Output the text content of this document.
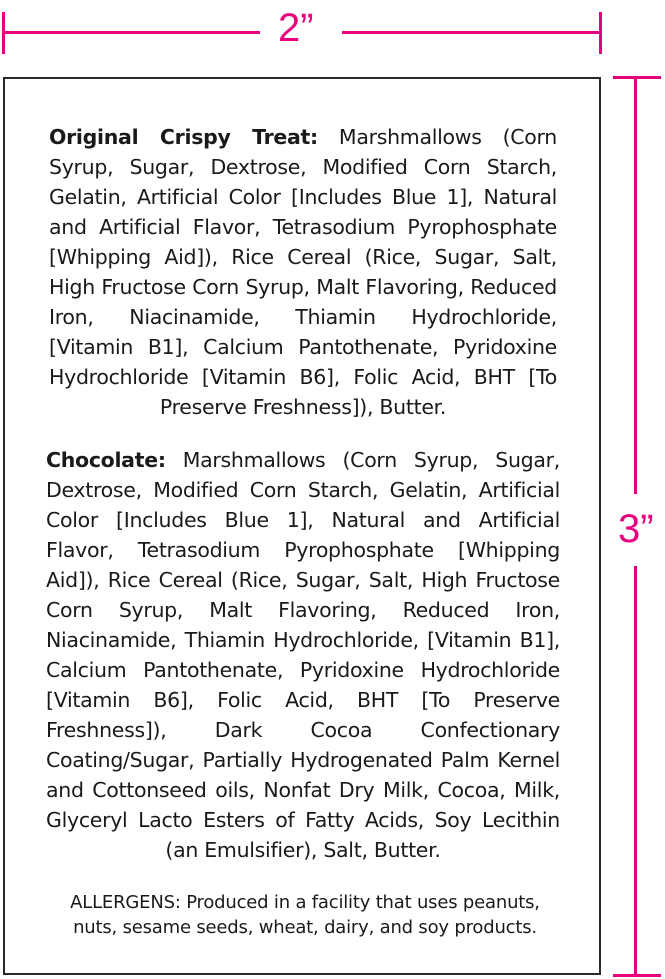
2”
3”
Original Crispy Treat: Marshmallows (Corn Syrup, Sugar, Dextrose, Modified Corn Starch, Gelatin, Artificial Color [Includes Blue 1], Natural and Artificial Flavor, Tetrasodium Pyrophosphate [Whipping Aid]), Rice Cereal (Rice, Sugar, Salt, High Fructose Corn Syrup, Malt Flavoring, Reduced Iron, Niacinamide, Thiamin Hydrochloride, [Vitamin B1], Calcium Pantothenate, Pyridoxine Hydrochloride [Vitamin B6], Folic Acid, BHT [To Preserve Freshness]), Butter.
Chocolate: Marshmallows (Corn Syrup, Sugar, Dextrose, Modified Corn Starch, Gelatin, Artificial Color [Includes Blue 1], Natural and Artificial Flavor, Tetrasodium Pyrophosphate [Whipping Aid]), Rice Cereal (Rice, Sugar, Salt, High Fructose Corn Syrup, Malt Flavoring, Reduced Iron, Niacinamide, Thiamin Hydrochloride, [Vitamin B1], Calcium Pantothenate, Pyridoxine Hydrochloride [Vitamin B6], Folic Acid, BHT [To Preserve Freshness]), Dark Cocoa Confectionary Coating/Sugar, Partially Hydrogenated Palm Kernel and Cottonseed oils, Nonfat Dry Milk, Cocoa, Milk, Glyceryl Lacto Esters of Fatty Acids, Soy Lecithin (an Emulsifier), Salt, Butter.
ALLERGENS: Produced in a facility that uses peanuts, nuts, sesame seeds, wheat, dairy, and soy products.
